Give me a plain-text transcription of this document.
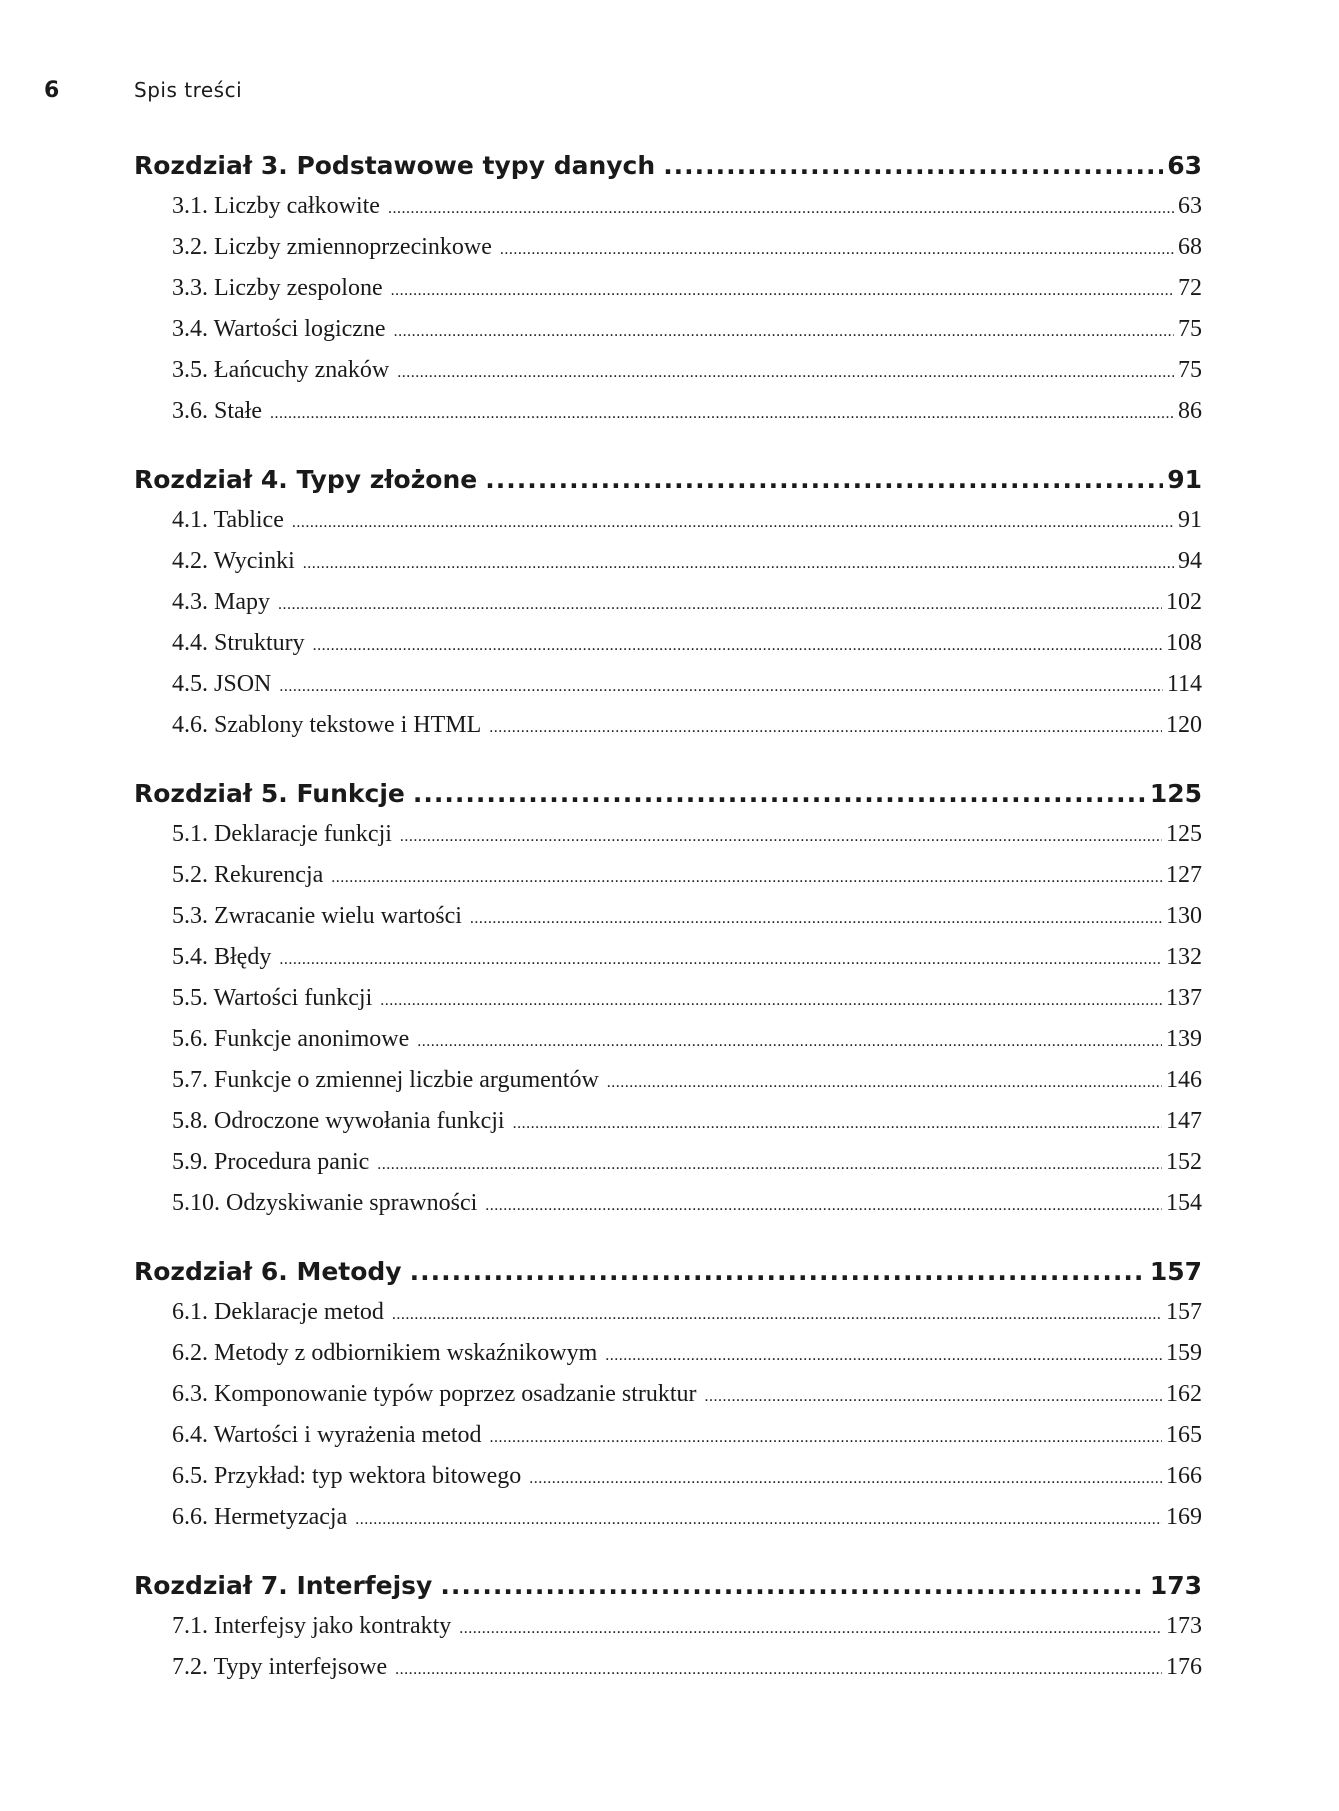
6	Spis treści
Rozdział 3. Podstawowe typy danych .....	63
3.1. Liczby całkowite .....	63
3.2. Liczby zmiennoprzecinkowe .....	68
3.3. Liczby zespolone .....	72
3.4. Wartości logiczne .....	75
3.5. Łańcuchy znaków .....	75
3.6. Stałe .....	86
Rozdział 4. Typy złożone .....	91
4.1. Tablice .....	91
4.2. Wycinki .....	94
4.3. Mapy .....	102
4.4. Struktury .....	108
4.5. JSON .....	114
4.6. Szablony tekstowe i HTML .....	120
Rozdział 5. Funkcje .....	125
5.1. Deklaracje funkcji .....	125
5.2. Rekurencja .....	127
5.3. Zwracanie wielu wartości .....	130
5.4. Błędy .....	132
5.5. Wartości funkcji .....	137
5.6. Funkcje anonimowe .....	139
5.7. Funkcje o zmiennej liczbie argumentów .....	146
5.8. Odroczone wywołania funkcji .....	147
5.9. Procedura panic .....	152
5.10. Odzyskiwanie sprawności .....	154
Rozdział 6. Metody .....	157
6.1. Deklaracje metod .....	157
6.2. Metody z odbiornikiem wskaźnikowym .....	159
6.3. Komponowanie typów poprzez osadzanie struktur .....	162
6.4. Wartości i wyrażenia metod .....	165
6.5. Przykład: typ wektora bitowego .....	166
6.6. Hermetyzacja .....	169
Rozdział 7. Interfejsy .....	173
7.1. Interfejsy jako kontrakty .....	173
7.2. Typy interfejsowe .....	176
